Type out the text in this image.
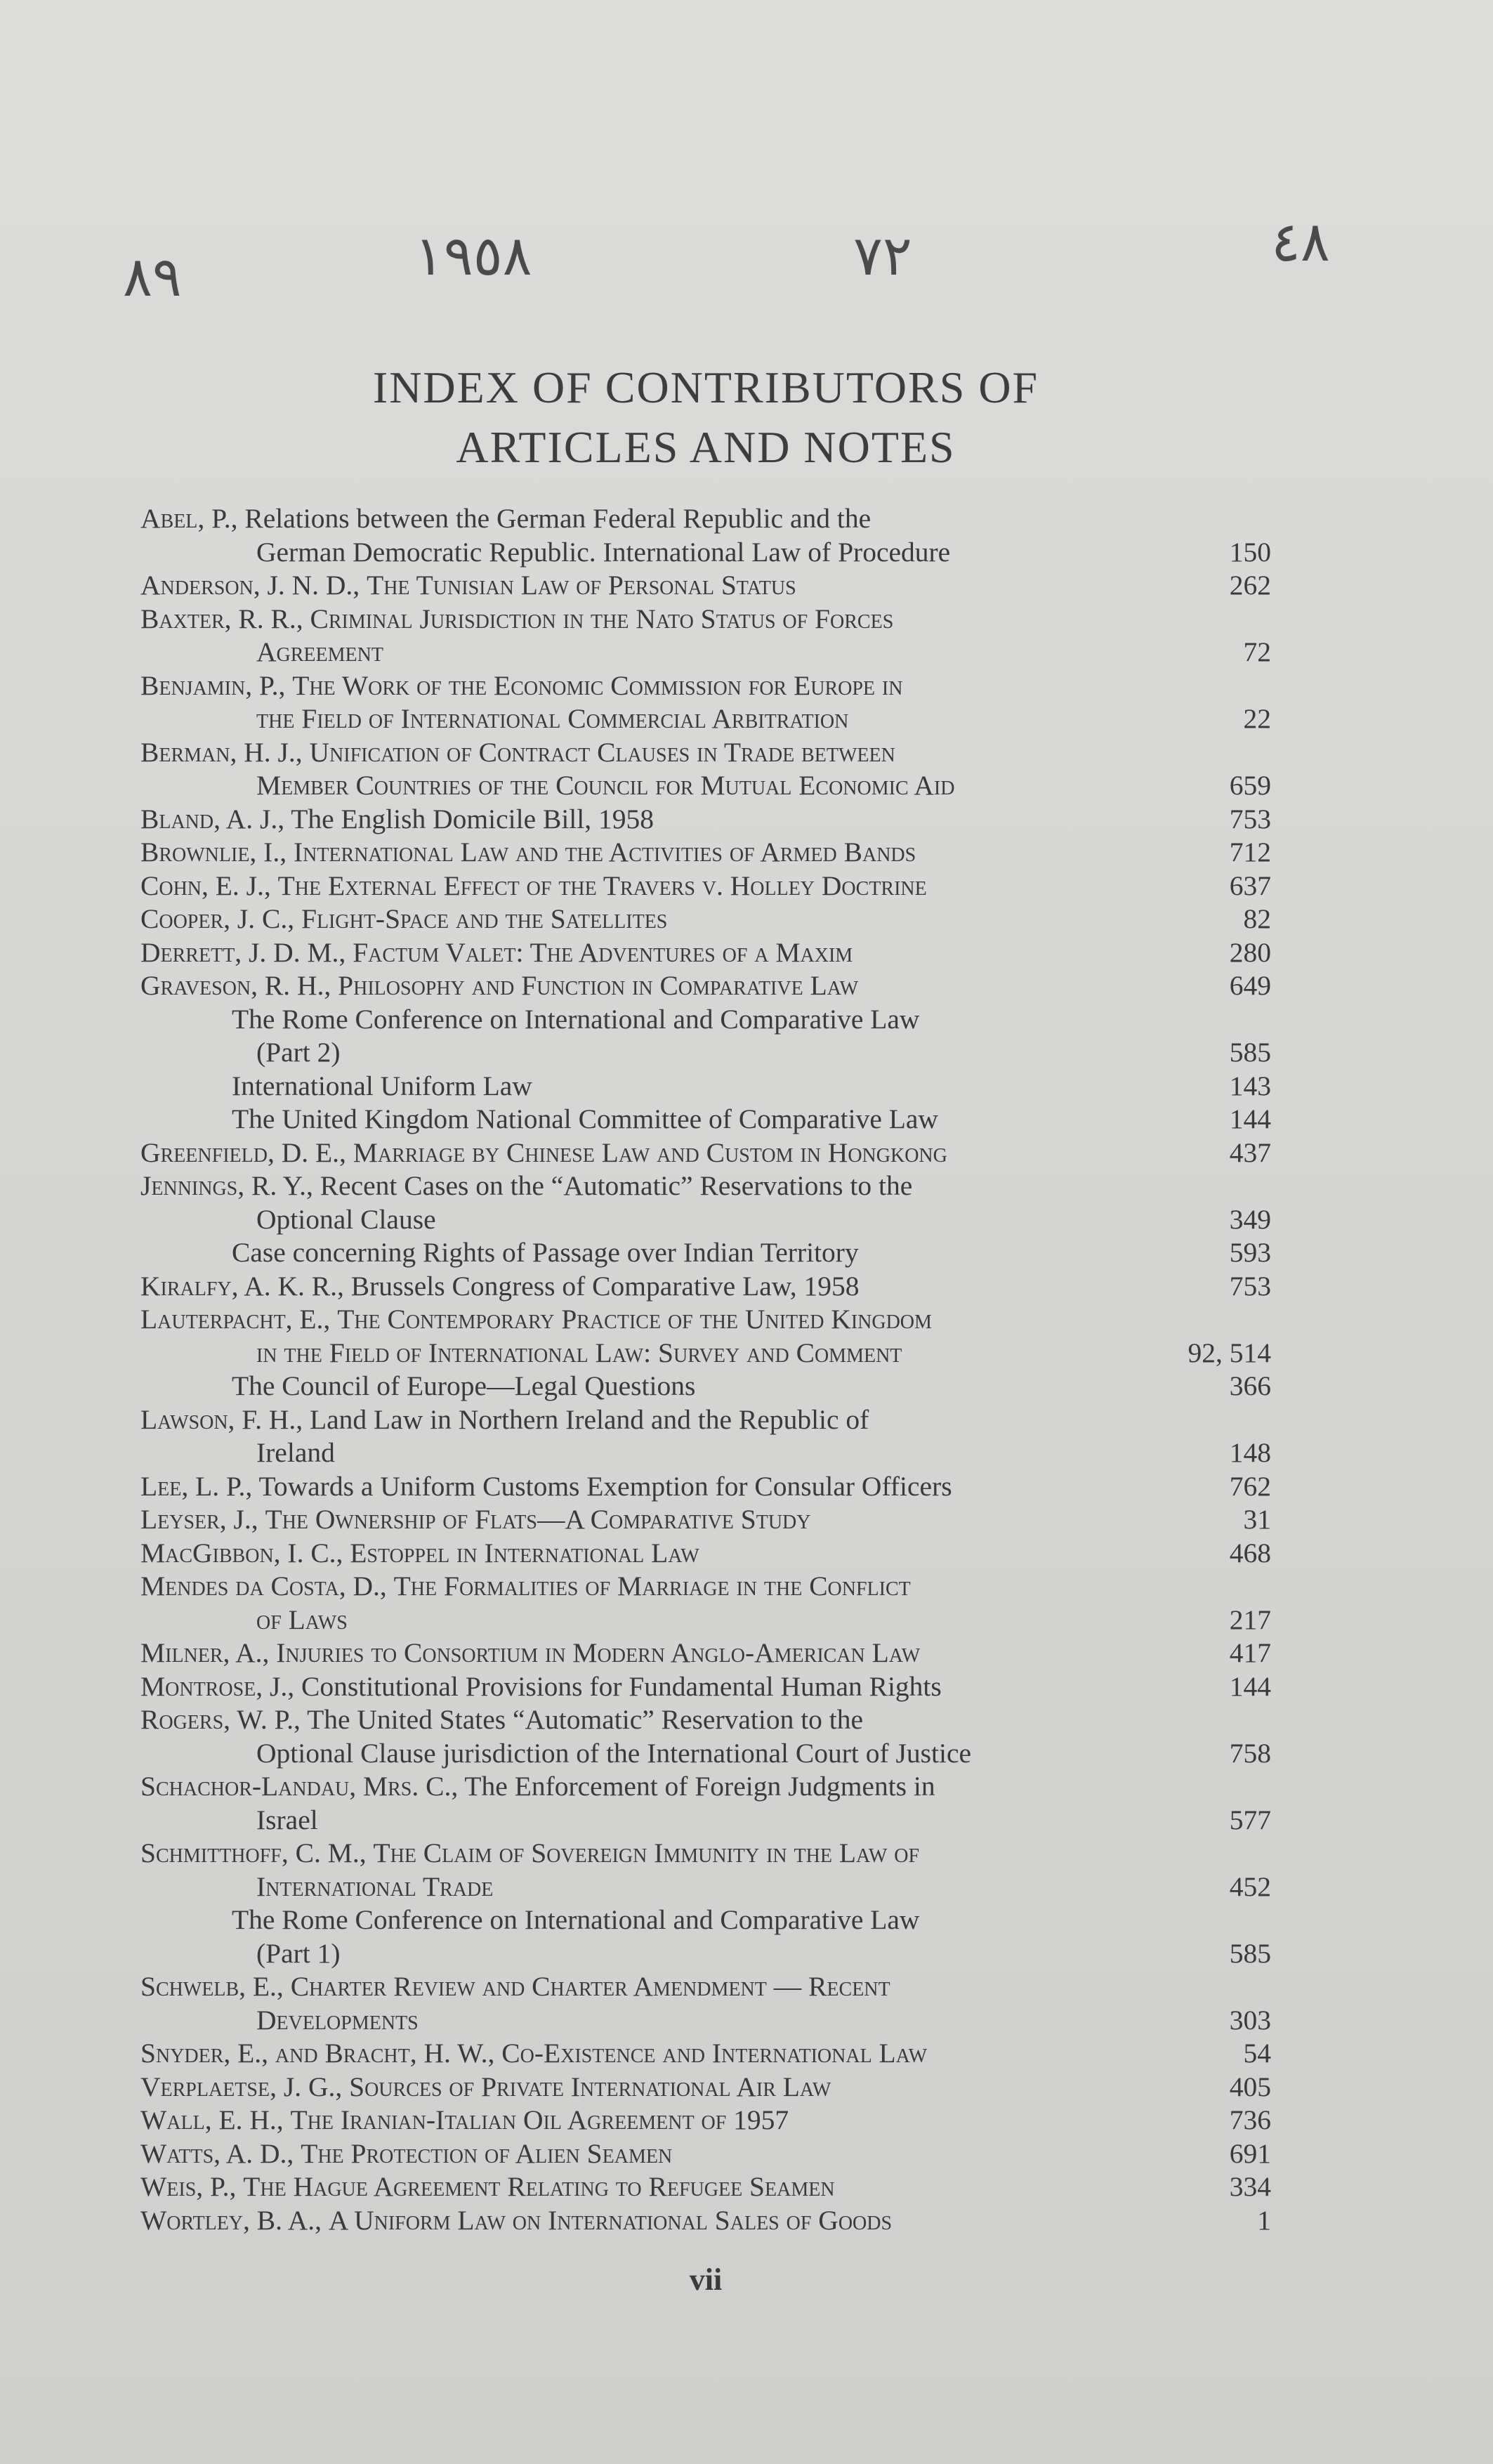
٨٩	١٩٥٨	٧٢	٤٨
INDEX OF CONTRIBUTORS OF
ARTICLES AND NOTES
Abel, P., Relations between the German Federal Republic and the
German Democratic Republic. International Law of Procedure	150
Anderson, J. N. D., The Tunisian Law of Personal Status	262
Baxter, R. R., Criminal Jurisdiction in the Nato Status of Forces
Agreement	72
Benjamin, P., The Work of the Economic Commission for Europe in
the Field of International Commercial Arbitration	22
Berman, H. J., Unification of Contract Clauses in Trade between
Member Countries of the Council for Mutual Economic Aid	659
Bland, A. J., The English Domicile Bill, 1958	753
Brownlie, I., International Law and the Activities of Armed Bands	712
Cohn, E. J., The External Effect of the Travers v. Holley Doctrine	637
Cooper, J. C., Flight-Space and the Satellites	82
Derrett, J. D. M., Factum Valet: The Adventures of a Maxim	280
Graveson, R. H., Philosophy and Function in Comparative Law	649
The Rome Conference on International and Comparative Law
(Part 2)	585
International Uniform Law	143
The United Kingdom National Committee of Comparative Law	144
Greenfield, D. E., Marriage by Chinese Law and Custom in Hongkong	437
Jennings, R. Y., Recent Cases on the “Automatic” Reservations to the
Optional Clause	349
Case concerning Rights of Passage over Indian Territory	593
Kiralfy, A. K. R., Brussels Congress of Comparative Law, 1958	753
Lauterpacht, E., The Contemporary Practice of the United Kingdom
in the Field of International Law: Survey and Comment	92, 514
The Council of Europe—Legal Questions	366
Lawson, F. H., Land Law in Northern Ireland and the Republic of
Ireland	148
Lee, L. P., Towards a Uniform Customs Exemption for Consular Officers	762
Leyser, J., The Ownership of Flats—A Comparative Study	31
MacGibbon, I. C., Estoppel in International Law	468
Mendes da Costa, D., The Formalities of Marriage in the Conflict
of Laws	217
Milner, A., Injuries to Consortium in Modern Anglo-American Law	417
Montrose, J., Constitutional Provisions for Fundamental Human Rights	144
Rogers, W. P., The United States “Automatic” Reservation to the
Optional Clause jurisdiction of the International Court of Justice	758
Schachor-Landau, Mrs. C., The Enforcement of Foreign Judgments in
Israel	577
Schmitthoff, C. M., The Claim of Sovereign Immunity in the Law of
International Trade	452
The Rome Conference on International and Comparative Law
(Part 1)	585
Schwelb, E., Charter Review and Charter Amendment — Recent
Developments	303
Snyder, E., and Bracht, H. W., Co-Existence and International Law	54
Verplaetse, J. G., Sources of Private International Air Law	405
Wall, E. H., The Iranian-Italian Oil Agreement of 1957	736
Watts, A. D., The Protection of Alien Seamen	691
Weis, P., The Hague Agreement Relating to Refugee Seamen	334
Wortley, B. A., A Uniform Law on International Sales of Goods	1
vii
